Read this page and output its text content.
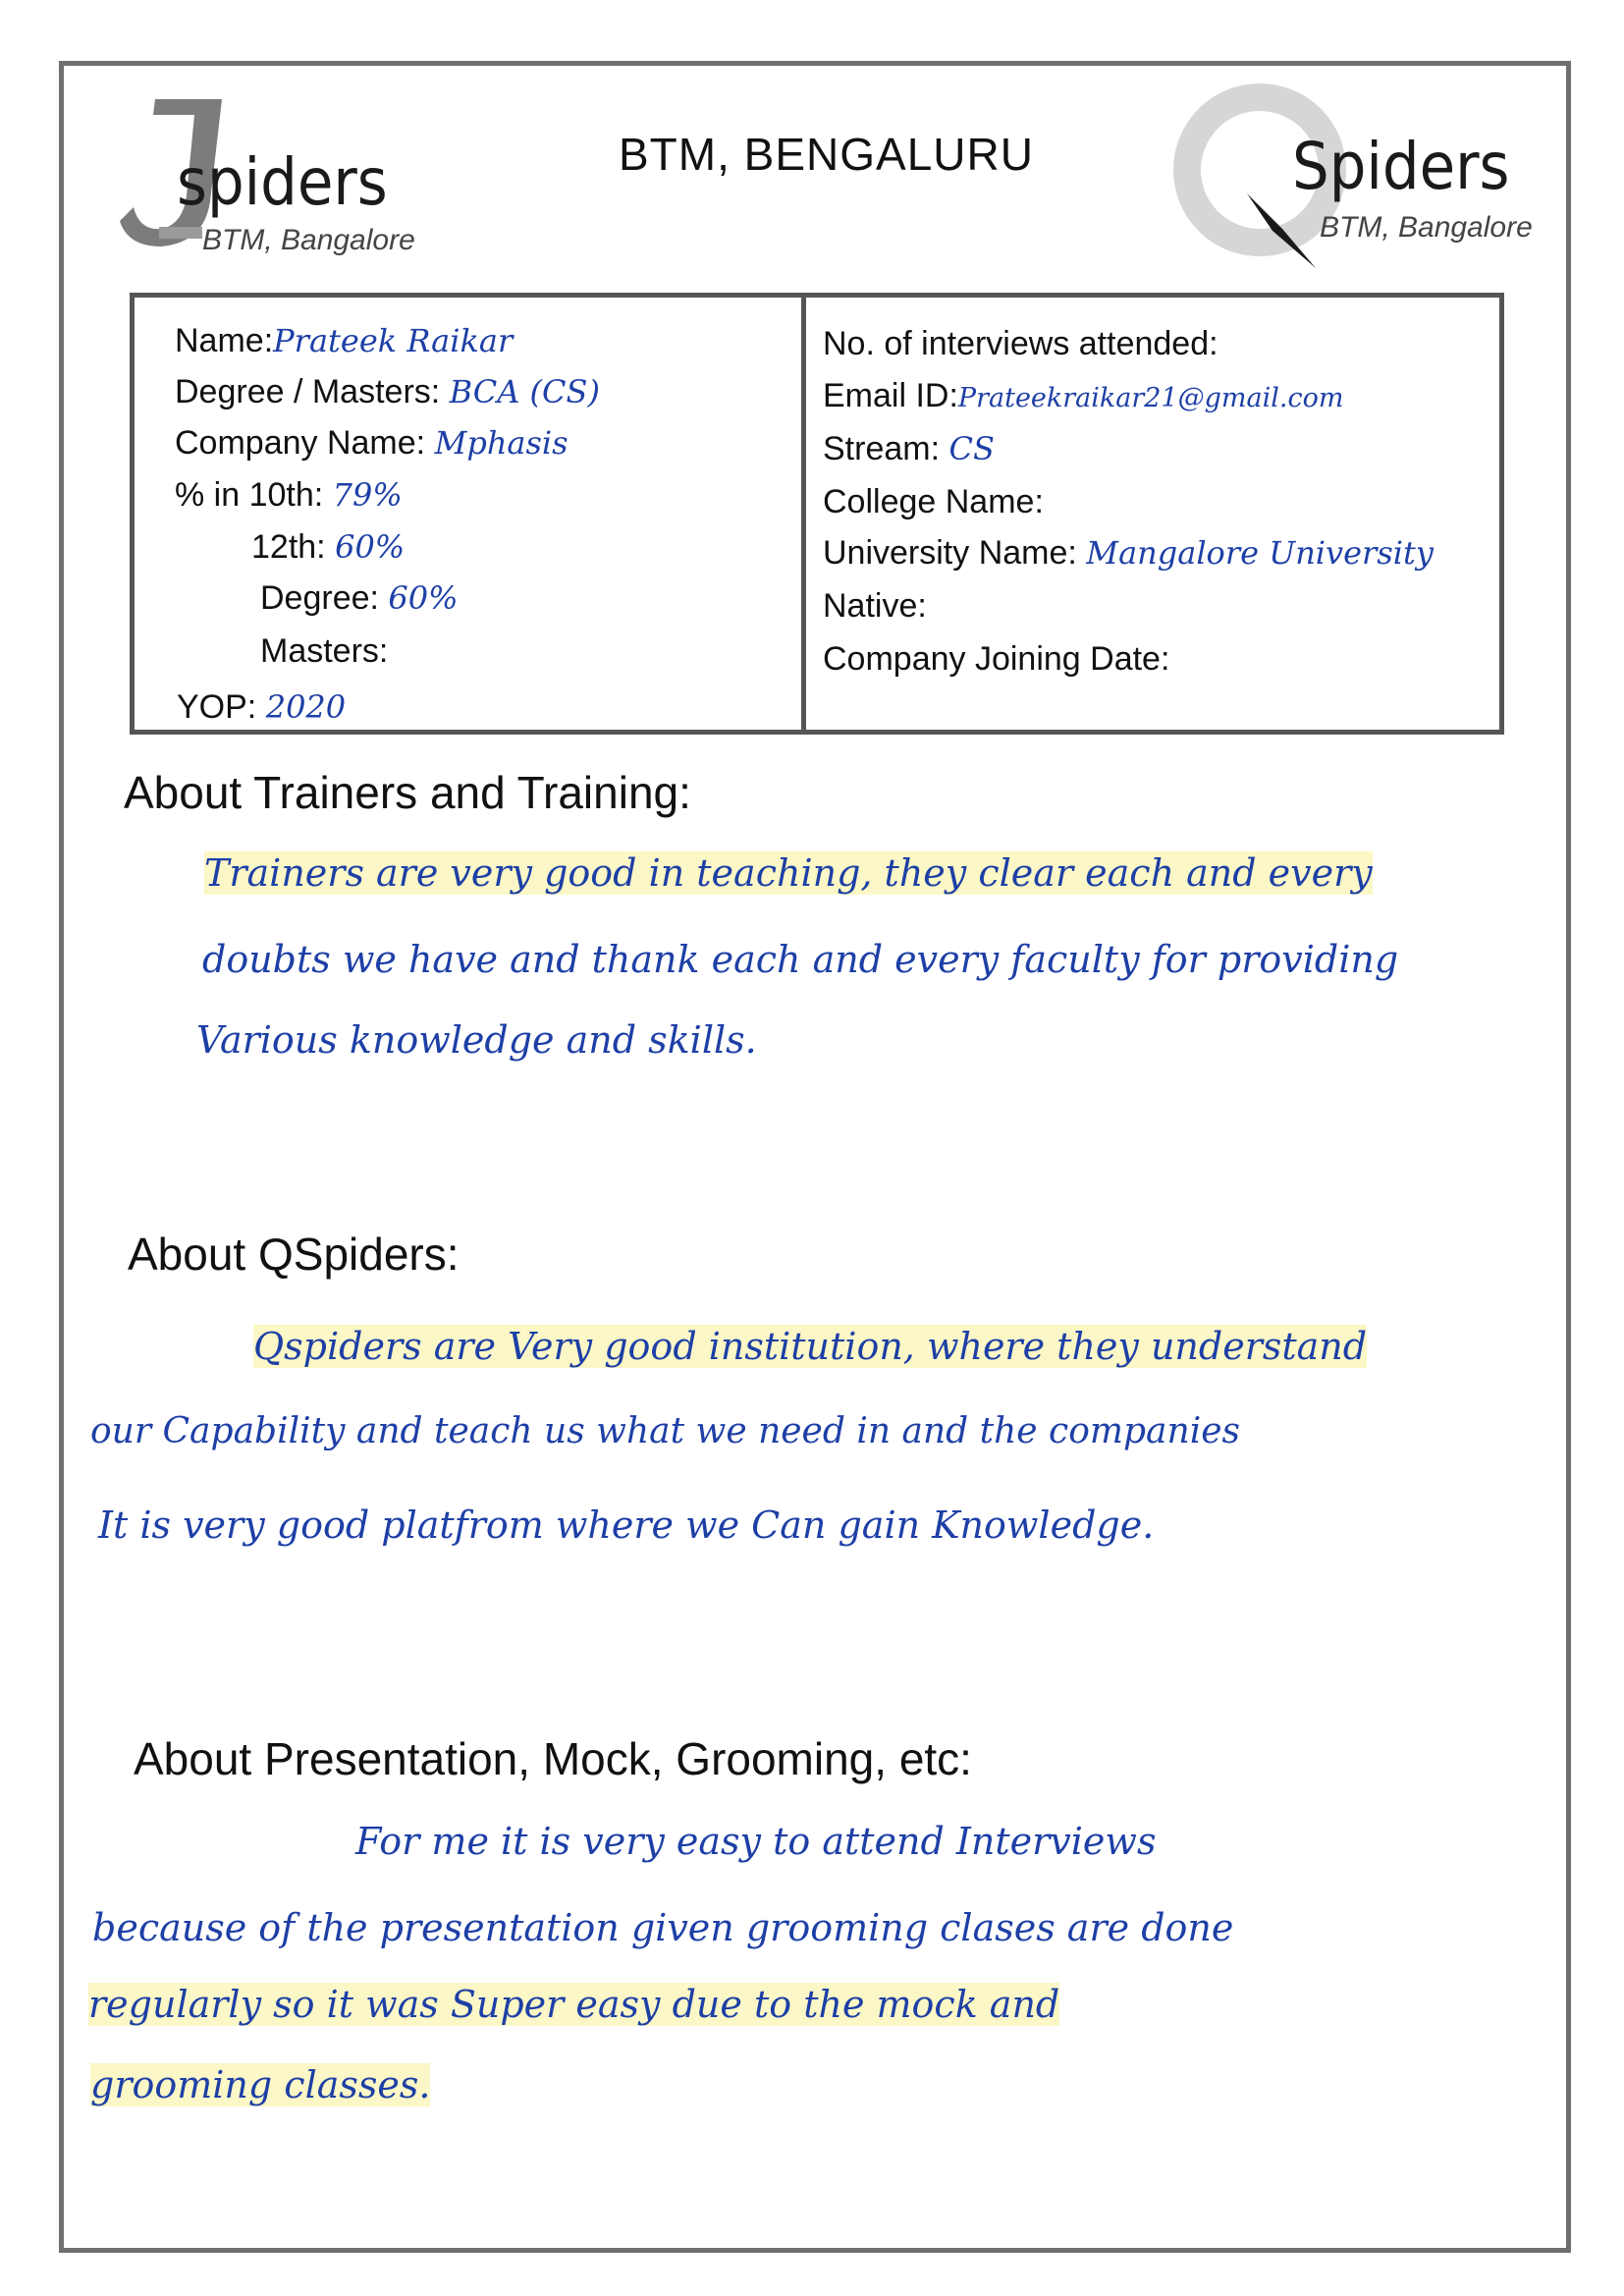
spiders
BTM, Bangalore
BTM, BENGALURU	Spiders
BTM, Bangalore
Name:Prateek Raikar
Degree / Masters: BCA (CS)
Company Name: Mphasis
% in 10th: 79%
12th: 60%
Degree: 60%
Masters:
YOP: 2020
No. of interviews attended:
Email ID:Prateekraikar21@gmail.com
Stream: CS
College Name:
University Name: Mangalore University
Native:
Company Joining Date:
About Trainers and Training:
Trainers are very good in teaching, they clear each and every
doubts we have and thank each and every faculty for providing
Various knowledge and skills.
About QSpiders:
Qspiders are Very good institution, where they understand
our Capability and teach us what we need in and the companies
It is very good platfrom where we Can gain Knowledge.
About Presentation, Mock, Grooming, etc:
For me it is very easy to attend Interviews
because of the presentation given grooming clases are done
regularly so it was Super easy due to the mock and
grooming classes.
